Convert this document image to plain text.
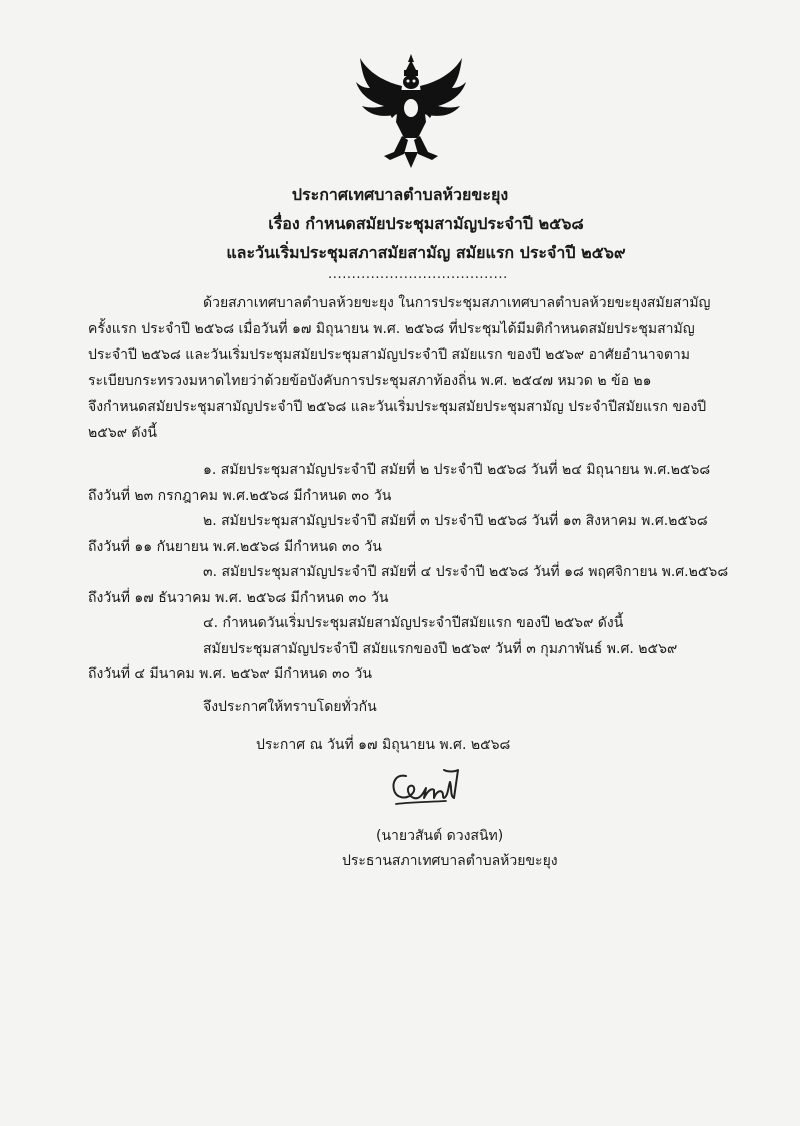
ประกาศเทศบาลตำบลห้วยขะยุง
เรื่อง กำหนดสมัยประชุมสามัญประจำปี ๒๕๖๘
และวันเริ่มประชุมสภาสมัยสามัญ สมัยแรก ประจำปี ๒๕๖๙
......................................
ด้วยสภาเทศบาลตำบลห้วยขะยุง ในการประชุมสภาเทศบาลตำบลห้วยขะยุงสมัยสามัญ
ครั้งแรก ประจำปี ๒๕๖๘ เมื่อวันที่ ๑๗ มิถุนายน พ.ศ. ๒๕๖๘ ที่ประชุมได้มีมติกำหนดสมัยประชุมสามัญ
ประจำปี ๒๕๖๘ และวันเริ่มประชุมสมัยประชุมสามัญประจำปี สมัยแรก ของปี ๒๕๖๙ อาศัยอำนาจตาม
ระเบียบกระทรวงมหาดไทยว่าด้วยข้อบังคับการประชุมสภาท้องถิ่น พ.ศ. ๒๕๔๗ หมวด ๒ ข้อ ๒๑
จึงกำหนดสมัยประชุมสามัญประจำปี ๒๕๖๘ และวันเริ่มประชุมสมัยประชุมสามัญ ประจำปีสมัยแรก ของปี
๒๕๖๙ ดังนี้
๑. สมัยประชุมสามัญประจำปี สมัยที่ ๒ ประจำปี ๒๕๖๘ วันที่ ๒๔ มิถุนายน พ.ศ.๒๕๖๘
ถึงวันที่ ๒๓ กรกฎาคม พ.ศ.๒๕๖๘ มีกำหนด ๓๐ วัน
๒. สมัยประชุมสามัญประจำปี สมัยที่ ๓ ประจำปี ๒๕๖๘ วันที่ ๑๓ สิงหาคม พ.ศ.๒๕๖๘
ถึงวันที่ ๑๑ กันยายน พ.ศ.๒๕๖๘ มีกำหนด ๓๐ วัน
๓. สมัยประชุมสามัญประจำปี สมัยที่ ๔ ประจำปี ๒๕๖๘ วันที่ ๑๘ พฤศจิกายน พ.ศ.๒๕๖๘
ถึงวันที่ ๑๗ ธันวาคม พ.ศ. ๒๕๖๘ มีกำหนด ๓๐ วัน
๔. กำหนดวันเริ่มประชุมสมัยสามัญประจำปีสมัยแรก ของปี ๒๕๖๙ ดังนี้
สมัยประชุมสามัญประจำปี สมัยแรกของปี ๒๕๖๙ วันที่ ๓ กุมภาพันธ์ พ.ศ. ๒๕๖๙
ถึงวันที่ ๔ มีนาคม พ.ศ. ๒๕๖๙ มีกำหนด ๓๐ วัน
จึงประกาศให้ทราบโดยทั่วกัน
ประกาศ ณ วันที่ ๑๗ มิถุนายน พ.ศ. ๒๕๖๘
(นายวสันต์ ดวงสนิท)
ประธานสภาเทศบาลตำบลห้วยขะยุง
